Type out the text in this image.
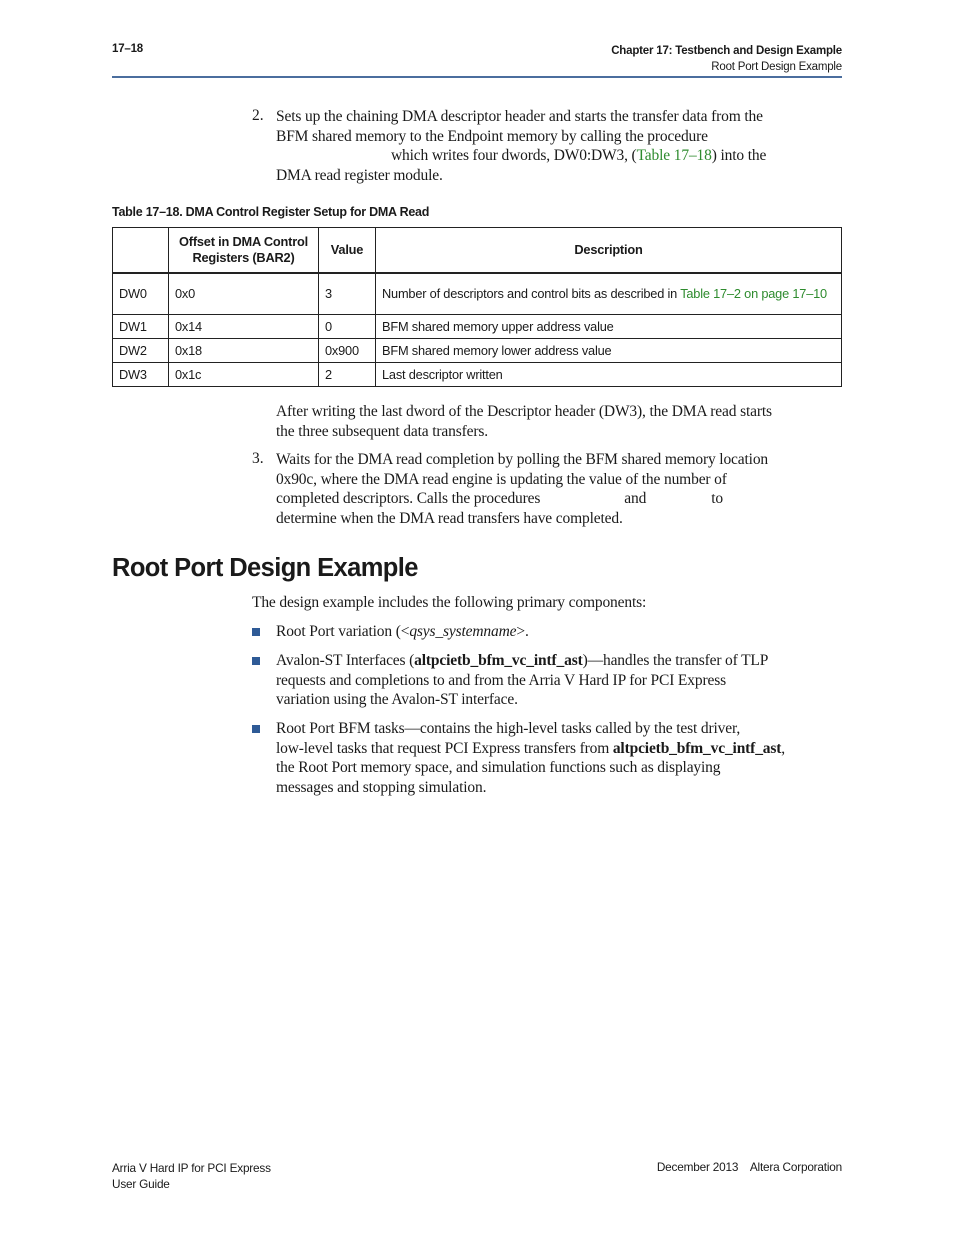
17–18	Chapter 17: Testbench and Design Example
Root Port Design Example
2. Sets up the chaining DMA descriptor header and starts the transfer data from the
BFM shared memory to the Endpoint memory by calling the procedure
which writes four dwords, DW0:DW3, (Table 17–18) into the
DMA read register module.
Table 17–18. DMA Control Register Setup for DMA Read
	Offset in DMA Control Registers (BAR2)	Value	Description
DW0	0x0	3	Number of descriptors and control bits as described in Table 17–2 on page 17–10
DW1	0x14	0	BFM shared memory upper address value
DW2	0x18	0x900	BFM shared memory lower address value
DW3	0x1c	2	Last descriptor written
After writing the last dword of the Descriptor header (DW3), the DMA read starts
the three subsequent data transfers.
3. Waits for the DMA read completion by polling the BFM shared memory location
0x90c, where the DMA read engine is updating the value of the number of
completed descriptors. Calls the procedures	and	to
determine when the DMA read transfers have completed.
Root Port Design Example
The design example includes the following primary components:
Root Port variation (<qsys_systemname>.
Avalon-ST Interfaces (altpcietb_bfm_vc_intf_ast)—handles the transfer of TLP
requests and completions to and from the Arria V Hard IP for PCI Express
variation using the Avalon-ST interface.
Root Port BFM tasks—contains the high-level tasks called by the test driver,
low-level tasks that request PCI Express transfers from altpcietb_bfm_vc_intf_ast,
the Root Port memory space, and simulation functions such as displaying
messages and stopping simulation.
Arria V Hard IP for PCI Express
User Guide
December 2013    Altera Corporation
